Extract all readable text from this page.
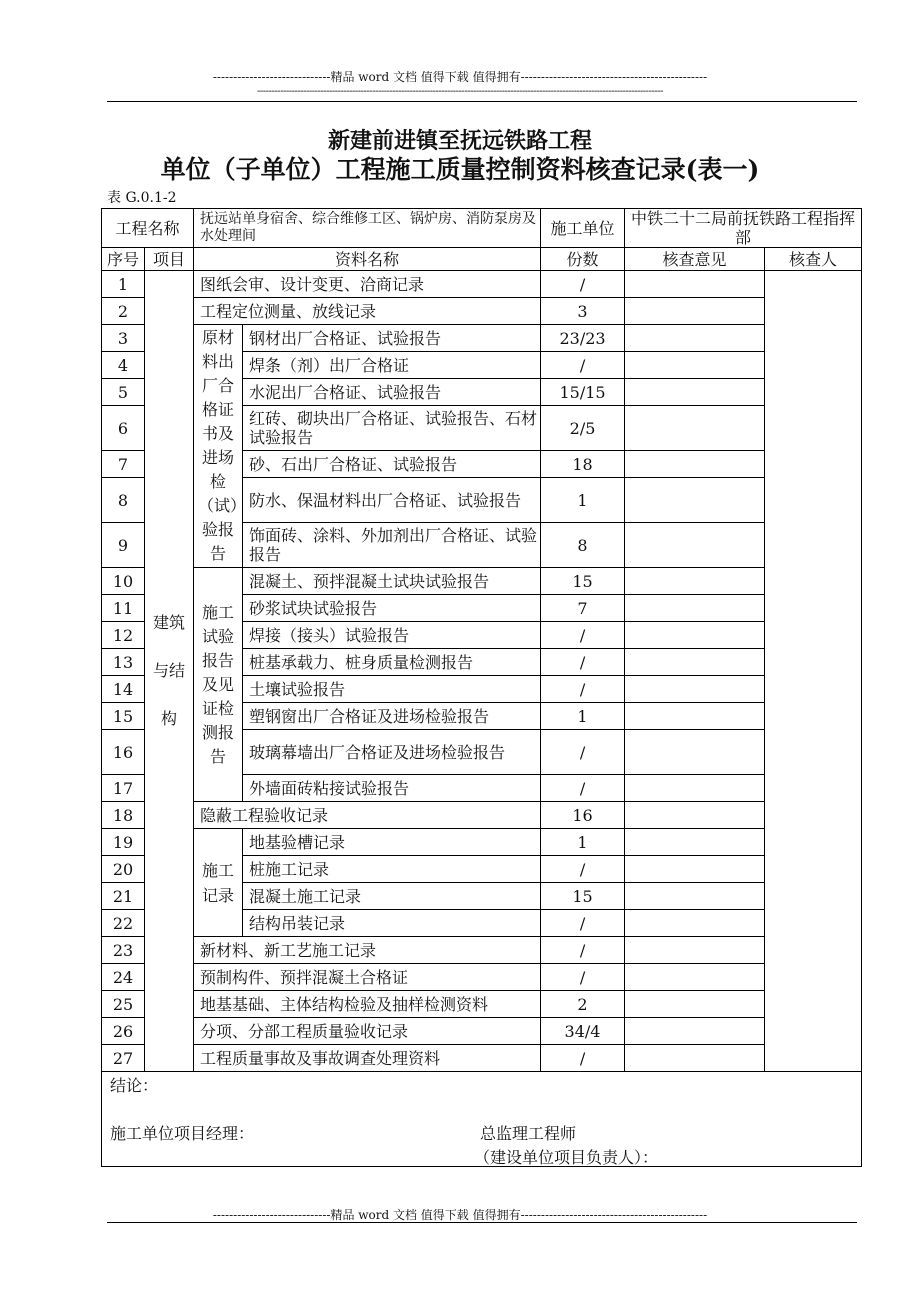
-----------------------------精品 word 文档 值得下载 值得拥有----------------------------------------------
---------------------------------------------------------------------------------------------------------------------------------------------
新建前进镇至抚远铁路工程
单位（子单位）工程施工质量控制资料核查记录(表一)
表 G.0.1-2
工程名称		抚远站单身宿舍、综合维修工区、锅炉房、消防泵房及水处理间		施工单位	中铁二十二局前抚铁路工程指挥部	
序号	项目	资料名称		份数	核查意见	核查人
1	建筑与结构	图纸会审、设计变更、洽商记录		/		
2		工程定位测量、放线记录		3		
3		原材料出厂合格证书及进场检（试）验报告	钢材出厂合格证、试验报告	23/23		
4			焊条（剂）出厂合格证	/		
5			水泥出厂合格证、试验报告	15/15		
6			红砖、砌块出厂合格证、试验报告、石材试验报告	2/5		
7			砂、石出厂合格证、试验报告	18		
8			防水、保温材料出厂合格证、试验报告	1		
9			饰面砖、涂料、外加剂出厂合格证、试验报告	8		
10		施工试验报告及见证检测报告	混凝土、预拌混凝土试块试验报告	15		
11			砂浆试块试验报告	7		
12			焊接（接头）试验报告	/		
13			桩基承载力、桩身质量检测报告	/		
14			土壤试验报告	/		
15			塑钢窗出厂合格证及进场检验报告	1		
16			玻璃幕墙出厂合格证及进场检验报告	/		
17			外墙面砖粘接试验报告	/		
18		隐蔽工程验收记录		16		
19		施工记录	地基验槽记录	1		
20			桩施工记录	/		
21			混凝土施工记录	15		
22			结构吊装记录	/		
23		新材料、新工艺施工记录		/		
24		预制构件、预拌混凝土合格证		/		
25		地基基础、主体结构检验及抽样检测资料		2		
26		分项、分部工程质量验收记录		34/4		
27		工程质量事故及事故调查处理资料		/		

结论：
施工单位项目经理： 总监理工程师
（建设单位项目负责人）：						
-----------------------------精品 word 文档 值得下载 值得拥有----------------------------------------------
